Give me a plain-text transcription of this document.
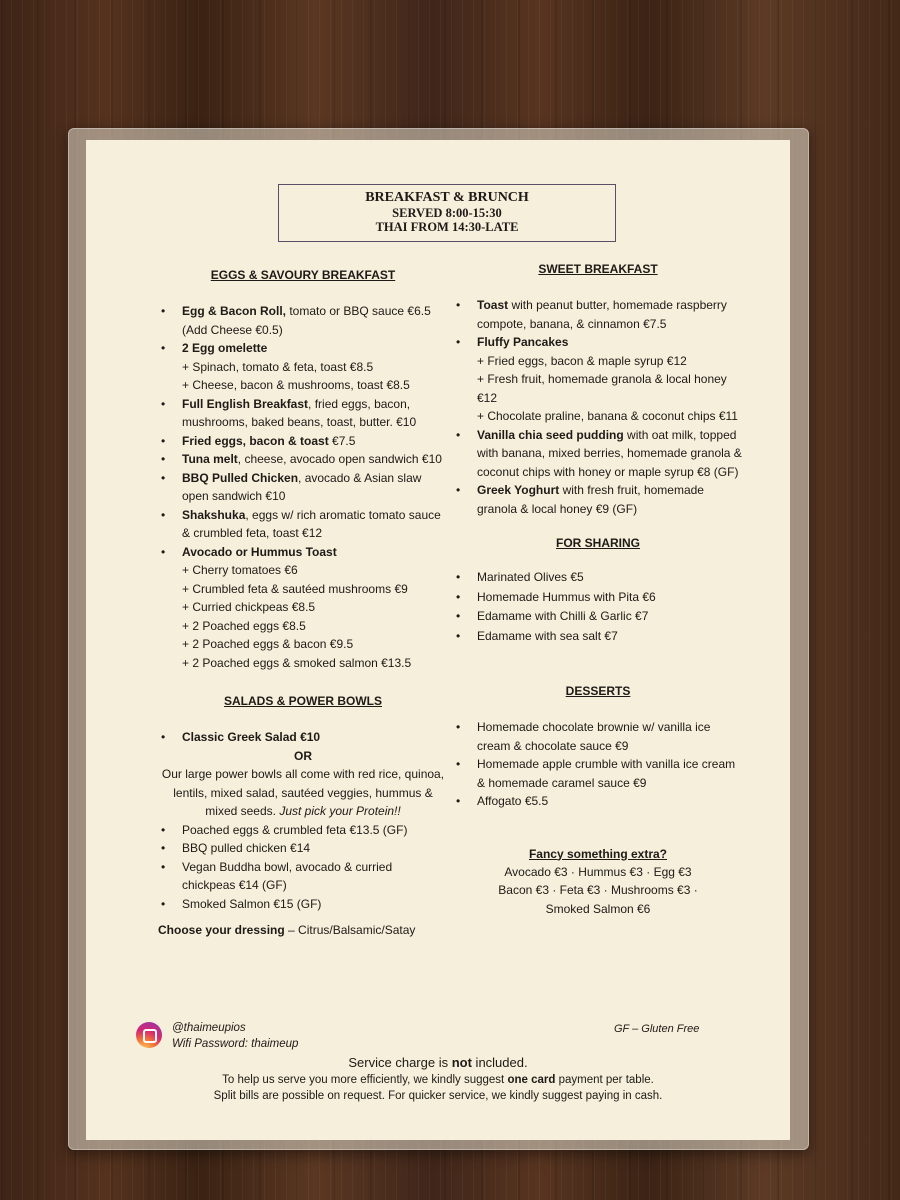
BREAKFAST & BRUNCH
SERVED 8:00-15:30
THAI FROM 14:30-LATE
EGGS & SAVOURY BREAKFAST
• Egg & Bacon Roll, tomato or BBQ sauce €6.5 (Add Cheese €0.5)
• 2 Egg omelette
+ Spinach, tomato & feta, toast €8.5
+ Cheese, bacon & mushrooms, toast €8.5
• Full English Breakfast, fried eggs, bacon, mushrooms, baked beans, toast, butter. €10
• Fried eggs, bacon & toast €7.5
• Tuna melt, cheese, avocado open sandwich €10
• BBQ Pulled Chicken, avocado & Asian slaw open sandwich €10
• Shakshuka, eggs w/ rich aromatic tomato sauce & crumbled feta, toast €12
• Avocado or Hummus Toast
+ Cherry tomatoes €6
+ Crumbled feta & sautéed mushrooms €9
+ Curried chickpeas €8.5
+ 2 Poached eggs €8.5
+ 2 Poached eggs & bacon €9.5
+ 2 Poached eggs & smoked salmon €13.5
SALADS & POWER BOWLS
• Classic Greek Salad €10
OR
Our large power bowls all come with red rice, quinoa, lentils, mixed salad, sautéed veggies, hummus & mixed seeds. Just pick your Protein!!
• Poached eggs & crumbled feta €13.5 (GF)
• BBQ pulled chicken €14
• Vegan Buddha bowl, avocado & curried chickpeas €14 (GF)
• Smoked Salmon €15 (GF)
Choose your dressing – Citrus/Balsamic/Satay
SWEET BREAKFAST
• Toast with peanut butter, homemade raspberry compote, banana, & cinnamon €7.5
• Fluffy Pancakes
+ Fried eggs, bacon & maple syrup €12
+ Fresh fruit, homemade granola & local honey €12
+ Chocolate praline, banana & coconut chips €11
• Vanilla chia seed pudding with oat milk, topped with banana, mixed berries, homemade granola & coconut chips with honey or maple syrup €8 (GF)
• Greek Yoghurt with fresh fruit, homemade granola & local honey €9 (GF)
FOR SHARING
• Marinated Olives €5
• Homemade Hummus with Pita €6
• Edamame with Chilli & Garlic €7
• Edamame with sea salt €7
DESSERTS
• Homemade chocolate brownie w/ vanilla ice cream & chocolate sauce €9
• Homemade apple crumble with vanilla ice cream & homemade caramel sauce €9
• Affogato €5.5
Fancy something extra?
Avocado €3 · Hummus €3 · Egg €3
Bacon €3 · Feta €3 · Mushrooms €3 ·
Smoked Salmon €6
@thaimeupios
Wifi Password: thaimeup
GF – Gluten Free
Service charge is not included.
To help us serve you more efficiently, we kindly suggest one card payment per table.
Split bills are possible on request. For quicker service, we kindly suggest paying in cash.
